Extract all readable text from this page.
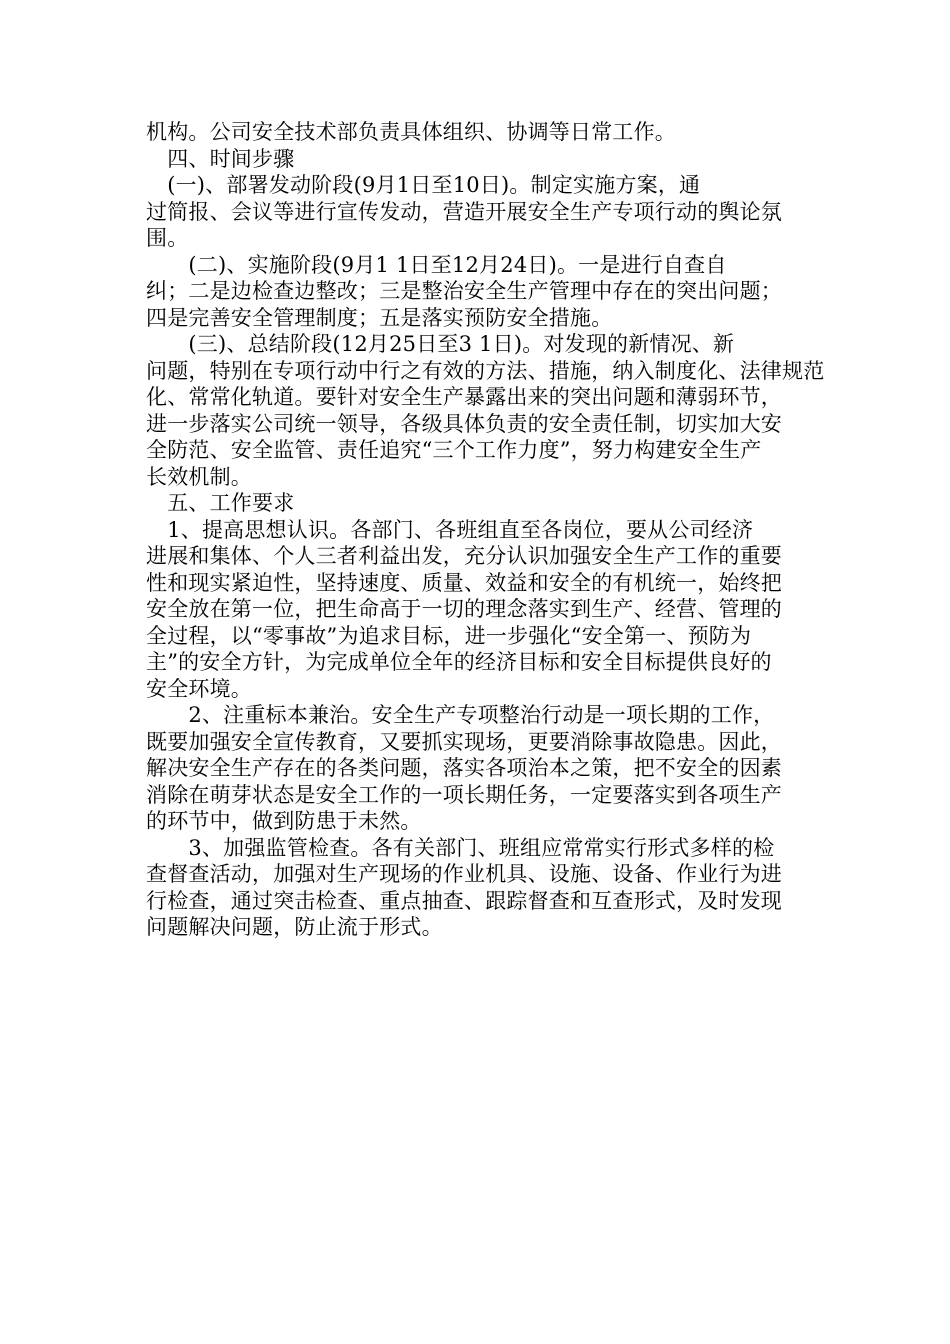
机构。公司安全技术部负责具体组织、协调等日常工作。
　四、时间步骤
　(一)、部署发动阶段(9月1日至10日)。制定实施方案，通
过简报、会议等进行宣传发动，营造开展安全生产专项行动的舆论氛
围。
　　(二)、实施阶段(9月1 1日至12月24日)。一是进行自查自
纠；二是边检查边整改；三是整治安全生产管理中存在的突出问题；
四是完善安全管理制度；五是落实预防安全措施。
　　(三)、总结阶段(12月25日至3 1日)。对发现的新情况、新
问题，特别在专项行动中行之有效的方法、措施，纳入制度化、法律规范
化、常常化轨道。要针对安全生产暴露出来的突出问题和薄弱环节，
进一步落实公司统一领导，各级具体负责的安全责任制，切实加大安
全防范、安全监管、责任追究“三个工作力度”，努力构建安全生产
长效机制。
　五、工作要求
　1、提高思想认识。各部门、各班组直至各岗位，要从公司经济
进展和集体、个人三者利益出发，充分认识加强安全生产工作的重要
性和现实紧迫性，坚持速度、质量、效益和安全的有机统一，始终把
安全放在第一位，把生命高于一切的理念落实到生产、经营、管理的
全过程，以“零事故”为追求目标，进一步强化“安全第一、预防为
主”的安全方针，为完成单位全年的经济目标和安全目标提供良好的
安全环境。
　　2、注重标本兼治。安全生产专项整治行动是一项长期的工作，
既要加强安全宣传教育，又要抓实现场，更要消除事故隐患。因此，
解决安全生产存在的各类问题，落实各项治本之策，把不安全的因素
消除在萌芽状态是安全工作的一项长期任务，一定要落实到各项生产
的环节中，做到防患于未然。
　　3、加强监管检查。各有关部门、班组应常常实行形式多样的检
查督查活动，加强对生产现场的作业机具、设施、设备、作业行为进
行检查，通过突击检查、重点抽查、跟踪督查和互查形式，及时发现
问题解决问题，防止流于形式。
